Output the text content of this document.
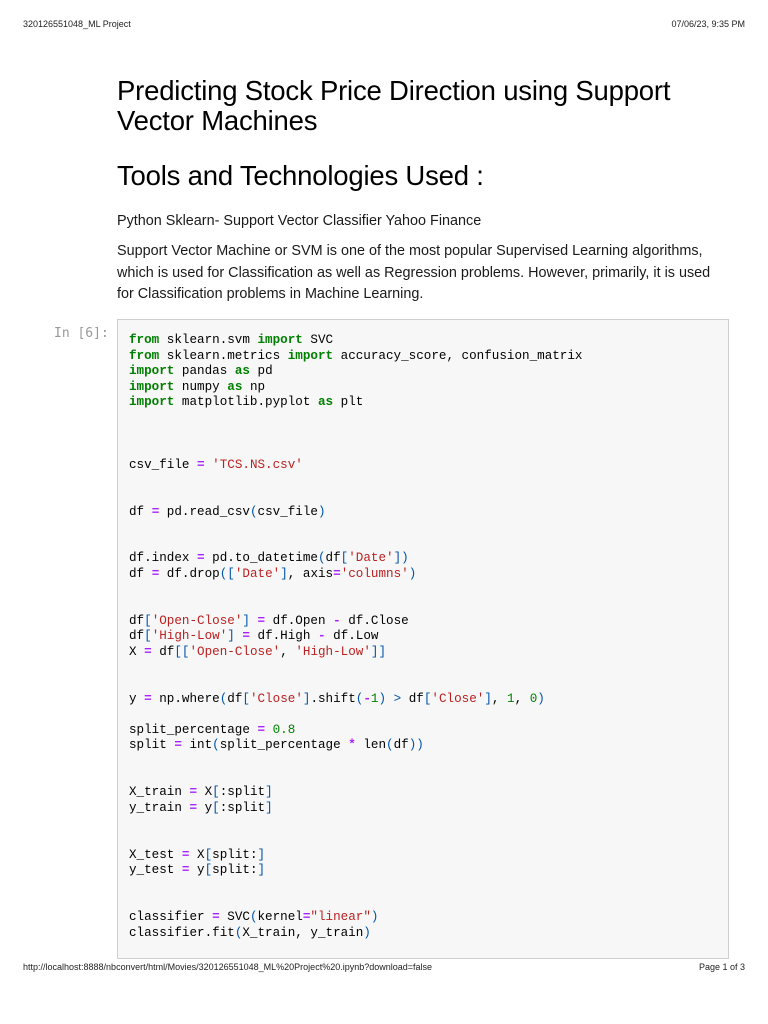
320126551048_ML Project	07/06/23, 9:35 PM
Predicting Stock Price Direction using Support Vector Machines
Tools and Technologies Used :

Python Sklearn- Support Vector Classifier Yahoo Finance

Support Vector Machine or SVM is one of the most popular Supervised Learning algorithms, which is used for Classification as well as Regression problems. However, primarily, it is used for Classification problems in Machine Learning.

In [6]: from sklearn.svm import SVC
from sklearn.metrics import accuracy_score, confusion_matrix
import pandas as pd
import numpy as np
import matplotlib.pyplot as plt
csv_file = 'TCS.NS.csv'
df = pd.read_csv(csv_file)
df.index = pd.to_datetime(df['Date'])
df = df.drop(['Date'], axis='columns')
df['Open-Close'] = df.Open - df.Close
df['High-Low'] = df.High - df.Low
X = df[['Open-Close', 'High-Low']]
y = np.where(df['Close'].shift(-1) > df['Close'], 1, 0)
split_percentage = 0.8
split = int(split_percentage * len(df))
X_train = X[:split]
y_train = y[:split]
X_test = X[split:]
y_test = y[split:]
classifier = SVC(kernel="linear")
classifier.fit(X_train, y_train)
http://localhost:8888/nbconvert/html/Movies/320126551048_ML%20Project%20.ipynb?download=false	Page 1 of 3
